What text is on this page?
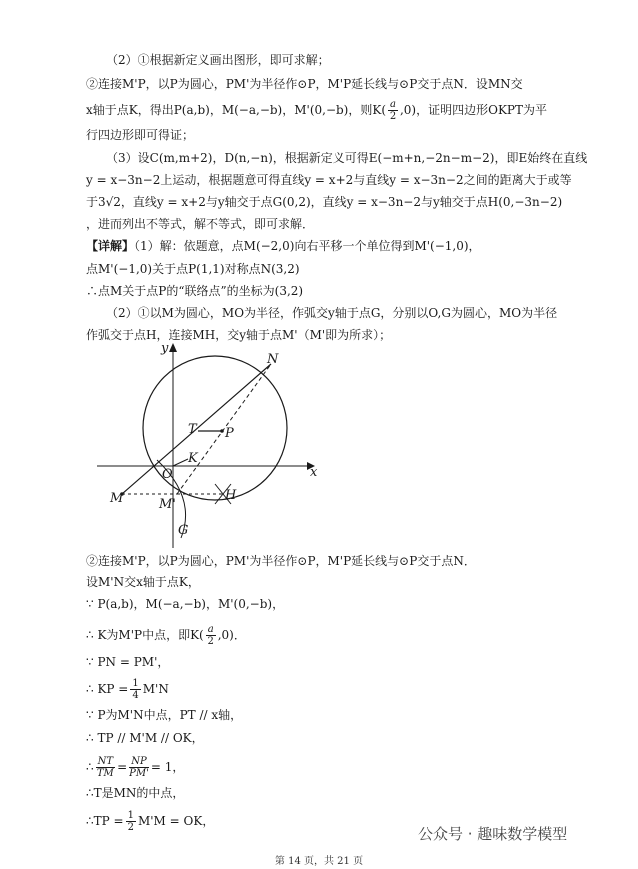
（2）①根据新定义画出图形，即可求解；
②连接M'P，以P为圆心，PM'为半径作⊙P，M'P延长线与⊙P交于点N．设MN交
x轴于点K，得出P(a,b)，M(−a,−b)，M'(0,−b)，则$K( \frac{a}{2} ,0)$，证明四边形OKPT为平
行四边形即可得证；
（3）设C(m,m+2)，D(n,−n)，根据新定义可得E(−m+n,−2n−m−2)，即E始终在直线
y = x−3n−2上运动，根据题意可得直线y = x+2与直线y = x−3n−2之间的距离大于或等
于3√2，直线y = x+2与y轴交于点G(0,2)，直线y = x−3n−2与y轴交于点H(0,−3n−2)
，进而列出不等式，解不等式，即可求解．
【详解】（1）解：依题意，点M(−2,0)向右平移一个单位得到M'(−1,0)，
点M'(−1,0)关于点P(1,1)对称点N(3,2)
∴点M关于点P的“联络点”的坐标为(3,2)
（2）①以M为圆心，MO为半径，作弧交y轴于点G，分别以O,G为圆心，MO为半径
作弧交于点H，连接MH，交y轴于点M'（M'即为所求）；
y
x
N
T P
O
K
M	M'
H
G
②连接M'P，以P为圆心，PM'为半径作⊙P，M'P延长线与⊙P交于点N．
设M'N交x轴于点K，
∵ P(a,b)，M(−a,−b)，M'(0,−b)，
∴ K为M'P中点，即$K( \frac{a}{2} ,0)$．
∵ PN = PM'，
∴ KP = $\frac{1}{4} M'N$
∵ P为M'N中点，PT // x轴，
∴ TP // M'M // OK，
∴ $\frac{NT}{TM} = \frac{NP}{PM'} = 1$，
∴T是MN的中点，
∴TP = $\frac{1}{2} M'M$ = OK，
公众号 · 趣味数学模型
第 14 页，共 21 页
